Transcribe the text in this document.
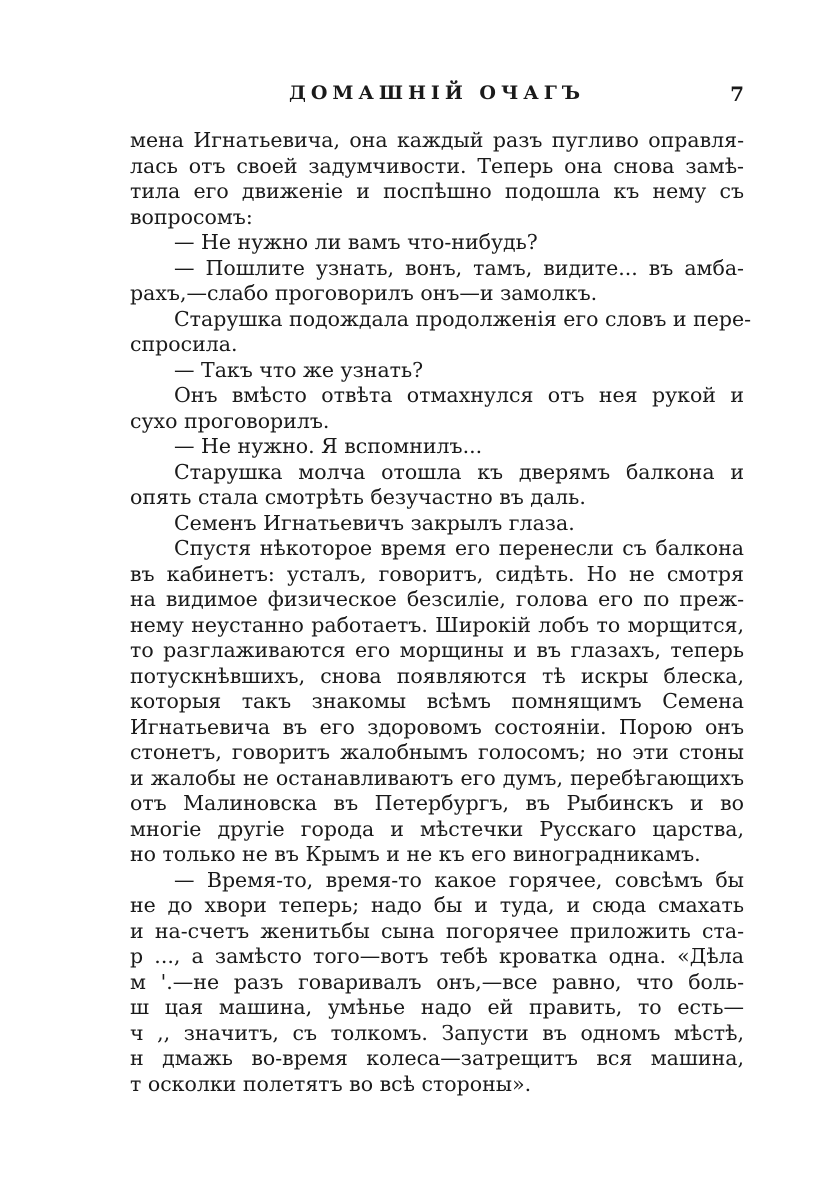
ДОМАШНІЙ ОЧАГЪ	7
мена Игнатьевича, она каждый разъ пугливо оправля-
лась отъ своей задумчивости. Теперь она снова замѣ-
тила его движеніе и поспѣшно подошла къ нему съ
вопросомъ:
— Не нужно ли вамъ что-нибудь?
— Пошлите узнать, вонъ, тамъ, видите... въ амба-
рахъ,—слабо проговорилъ онъ—и замолкъ.
Старушка подождала продолженія его словъ и пере-
спросила.
— Такъ что же узнать?
Онъ вмѣсто отвѣта отмахнулся отъ нея рукой и
сухо проговорилъ.
— Не нужно. Я вспомнилъ...
Старушка молча отошла къ дверямъ балкона и
опять стала смотрѣть безучастно въ даль.
Семенъ Игнатьевичъ закрылъ глаза.
Спустя нѣкоторое время его перенесли съ балкона
въ кабинетъ: усталъ, говоритъ, сидѣть. Но не смотря
на видимое физическое безсиліе, голова его по преж-
нему неустанно работаетъ. Широкій лобъ то морщится,
то разглаживаются его морщины и въ глазахъ, теперь
потускнѣвшихъ, снова появляются тѣ искры блеска,
которыя такъ знакомы всѣмъ помнящимъ Семена
Игнатьевича въ его здоровомъ состояніи. Порою онъ
стонетъ, говоритъ жалобнымъ голосомъ; но эти стоны
и жалобы не останавливаютъ его думъ, перебѣгающихъ
отъ Малиновска въ Петербургъ, въ Рыбинскъ и во
многіе другіе города и мѣстечки Русскаго царства,
но только не въ Крымъ и не къ его виноградникамъ.
— Время-то, время-то какое горячее, совсѣмъ бы
не до хвори теперь; надо бы и туда, и сюда смахать
и на-счетъ женитьбы сына погорячее приложить ста-
р ..., а замѣсто того—вотъ тебѣ кроватка одна. «Дѣла
м '.—не разъ говаривалъ онъ,—все равно, что боль-
ш цая машина, умѣнье надо ей править, то есть—
ч ,, значитъ, съ толкомъ. Запусти въ одномъ мѣстѣ,
н дмажь во-время колеса—затрещитъ вся машина,
т осколки полетятъ во всѣ стороны».
